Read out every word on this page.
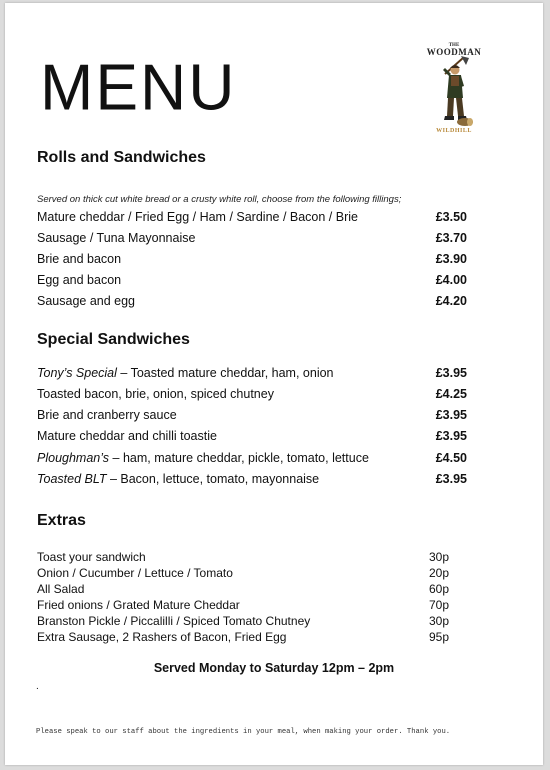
MENU
THE
WOODMAN
WILDHILL
Rolls and Sandwiches
Served on thick cut white bread or a crusty white roll, choose from the following fillings;
Mature cheddar / Fried Egg / Ham / Sardine / Bacon / Brie	£3.50
Sausage / Tuna Mayonnaise	£3.70
Brie and bacon	£3.90
Egg and bacon	£4.00
Sausage and egg	£4.20
Special Sandwiches
Tony’s Special – Toasted mature cheddar, ham, onion	£3.95
Toasted bacon, brie, onion, spiced chutney	£4.25
Brie and cranberry sauce	£3.95
Mature cheddar and chilli toastie	£3.95
Ploughman’s – ham, mature cheddar, pickle, tomato, lettuce	£4.50
Toasted BLT – Bacon, lettuce, tomato, mayonnaise	£3.95
Extras
Toast your sandwich	30p
Onion / Cucumber / Lettuce / Tomato	20p
All Salad	60p
Fried onions / Grated Mature Cheddar	70p
Branston Pickle / Piccalilli / Spiced Tomato Chutney	30p
Extra Sausage, 2 Rashers of Bacon, Fried Egg	95p
Served Monday to Saturday 12pm – 2pm
.
Please speak to our staff about the ingredients in your meal, when making your order. Thank you.
